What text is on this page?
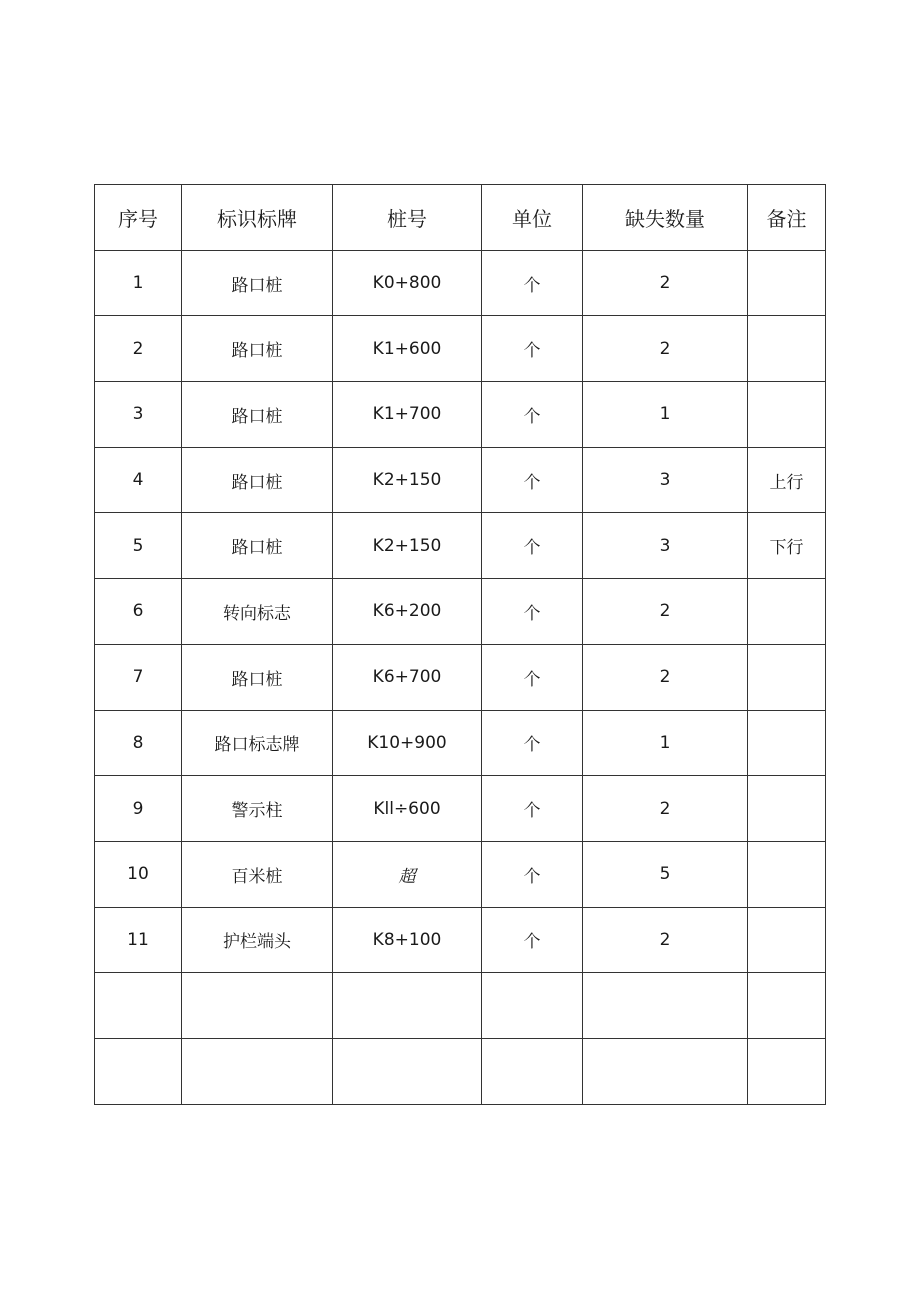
序号	标识标牌	桩号	单位	缺失数量	备注
1	路口桩	K0+800	个	2	
2	路口桩	K1+600	个	2	
3	路口桩	K1+700	个	1	
4	路口桩	K2+150	个	3	上行
5	路口桩	K2+150	个	3	下行
6	转向标志	K6+200	个	2	
7	路口桩	K6+700	个	2	
8	路口标志牌	K10+900	个	1	
9	警示柱	Kll÷600	个	2	
10	百米桩	超	个	5	
11	护栏端头	K8+100	个	2	
